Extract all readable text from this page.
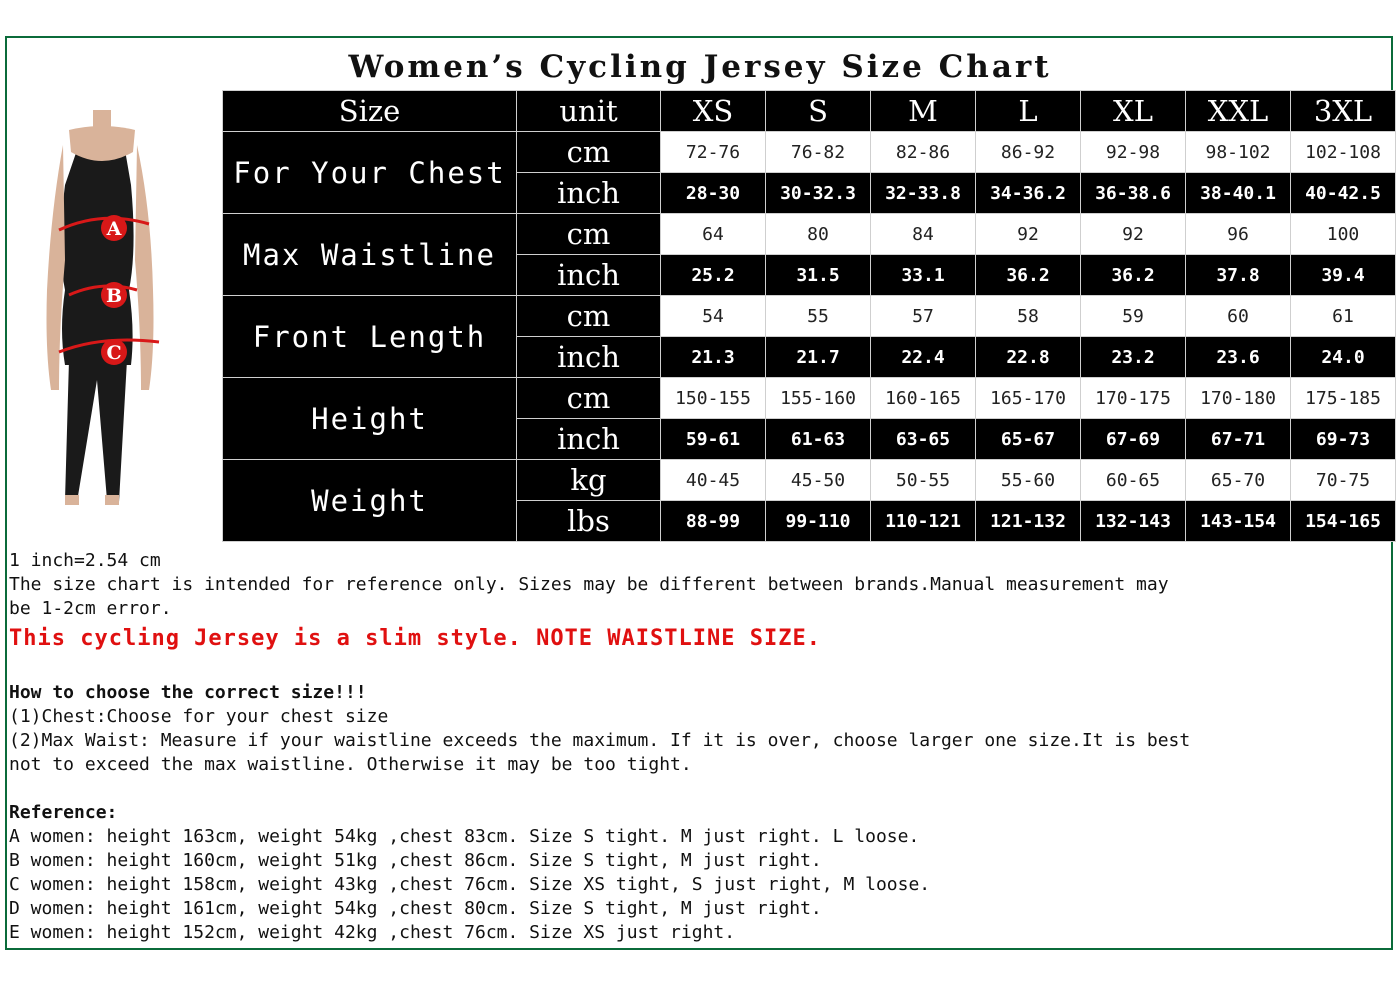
Women’s Cycling Jersey Size Chart
A
B
C
Size	unit	XS	S	M	L	XL	XXL	3XL
For Your Chest	cm	72-76	76-82	82-86	86-92	92-98	98-102	102-108
	inch	28-30	30-32.3	32-33.8	34-36.2	36-38.6	38-40.1	40-42.5
Max Waistline	cm	64	80	84	92	92	96	100
	inch	25.2	31.5	33.1	36.2	36.2	37.8	39.4
Front Length	cm	54	55	57	58	59	60	61
	inch	21.3	21.7	22.4	22.8	23.2	23.6	24.0
Height	cm	150-155	155-160	160-165	165-170	170-175	170-180	175-185
	inch	59-61	61-63	63-65	65-67	67-69	67-71	69-73
Weight	kg	40-45	45-50	50-55	55-60	60-65	65-70	70-75
	lbs	88-99	99-110	110-121	121-132	132-143	143-154	154-165
1 inch=2.54 cm
The size chart is intended for reference only. Sizes may be different between brands.Manual measurement may
be 1-2cm error.
This cycling Jersey is a slim style. NOTE WAISTLINE SIZE.
How to choose the correct size!!!
(1)Chest:Choose for your chest size
(2)Max Waist: Measure if your waistline exceeds the maximum. If it is over, choose larger one size.It is best
not to exceed the max waistline. Otherwise it may be too tight.
Reference:
A women: height 163cm, weight 54kg ,chest 83cm. Size S tight. M just right. L loose.
B women: height 160cm, weight 51kg ,chest 86cm. Size S tight, M just right.
C women: height 158cm, weight 43kg ,chest 76cm. Size XS tight, S just right, M loose.
D women: height 161cm, weight 54kg ,chest 80cm. Size S tight, M just right.
E women: height 152cm, weight 42kg ,chest 76cm. Size XS just right.
